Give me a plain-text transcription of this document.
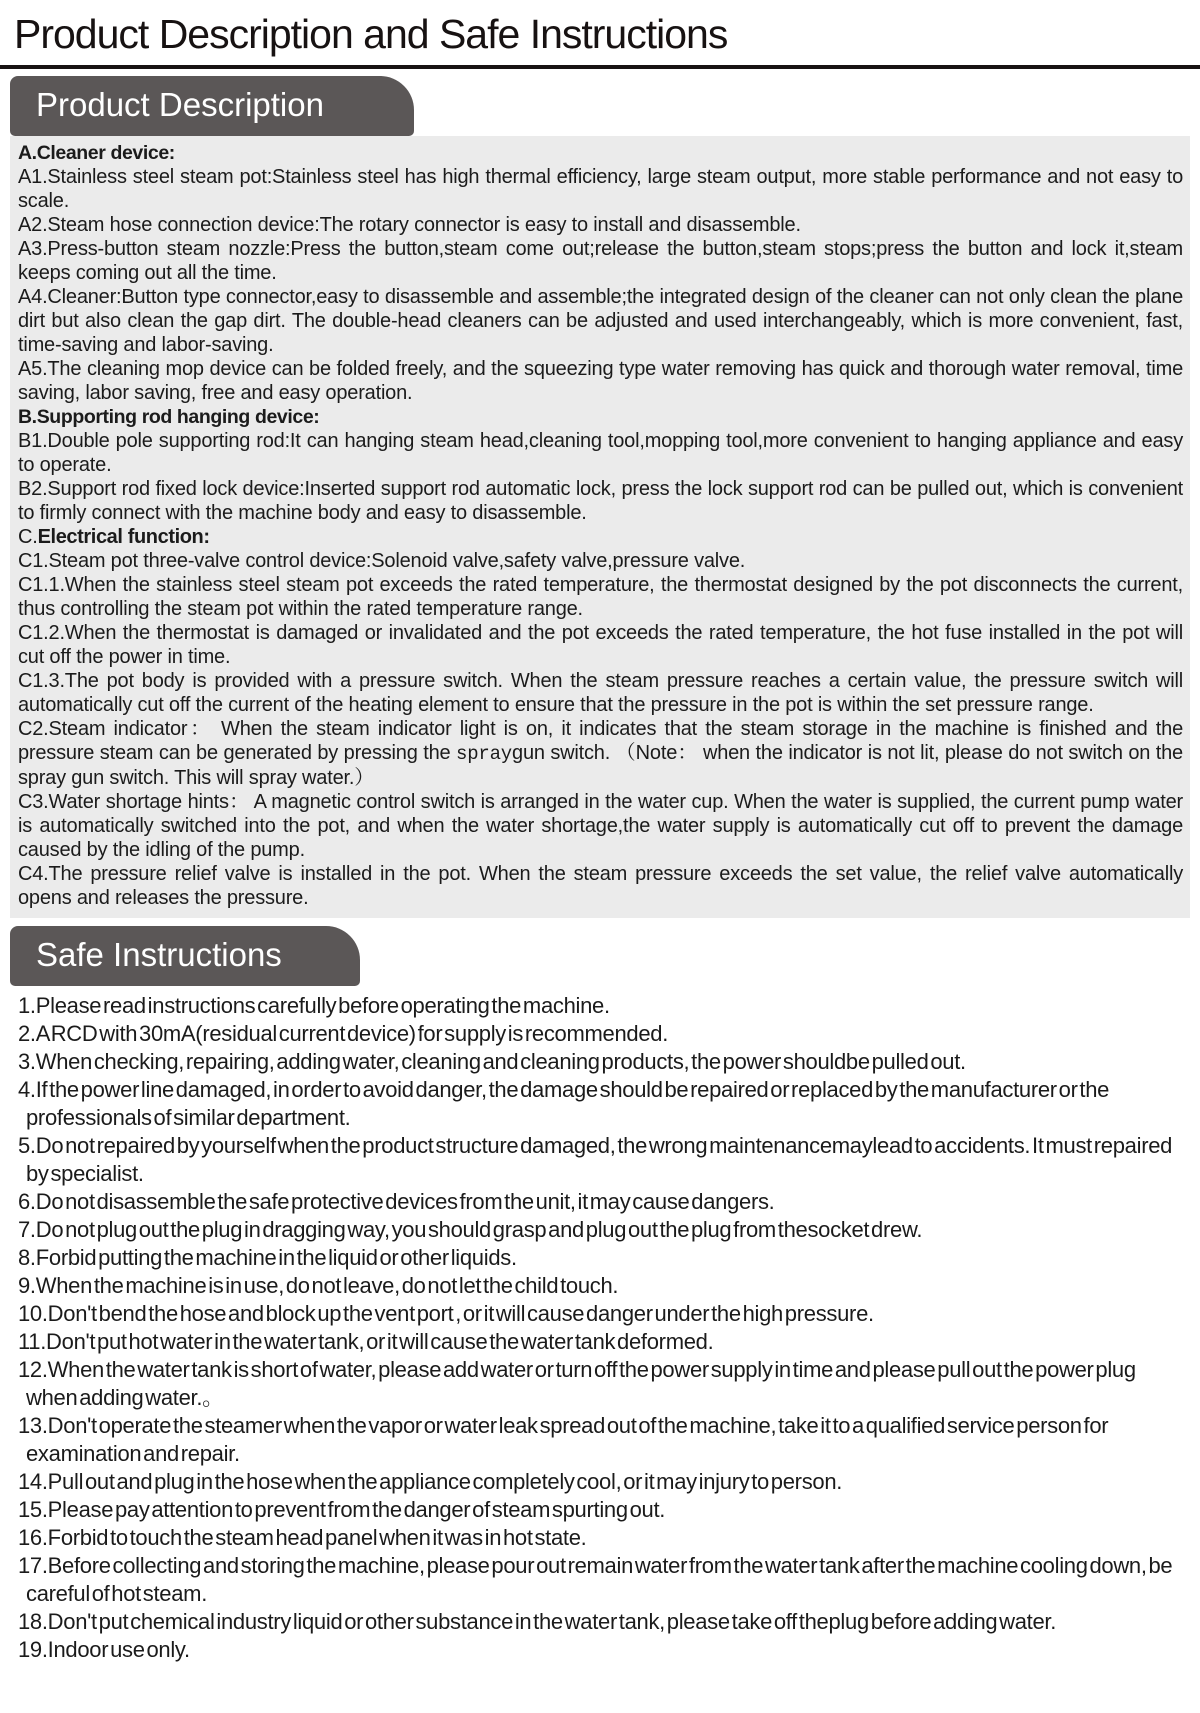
Product Description and Safe Instructions
Product Description

A.Cleaner device:

A1.Stainless steel steam pot:Stainless steel has high thermal efficiency, large steam output, more stable performance and not easy to scale.

A2.Steam hose connection device:The rotary connector is easy to install and disassemble.

A3.Press-button steam nozzle:Press the button,steam come out;release the button,steam stops;press the button and lock it,steam keeps coming out all the time.

A4.Cleaner:Button type connector,easy to disassemble and assemble;the integrated design of the cleaner can not only clean the plane dirt but also clean the gap dirt. The double-head cleaners can be adjusted and used interchangeably, which is more convenient, fast, time-saving and labor-saving.

A5.The cleaning mop device can be folded freely, and the squeezing type water removing has quick and thorough water removal, time saving, labor saving, free and easy operation.

B.Supporting rod hanging device:

B1.Double pole supporting rod:It can hanging steam head,cleaning tool,mopping tool,more convenient to hanging appliance and easy to operate.

B2.Support rod fixed lock device:Inserted support rod automatic lock, press the lock support rod can be pulled out, which is convenient to firmly connect with the machine body and easy to disassemble.

C.Electrical function:

C1.Steam pot three-valve control device:Solenoid valve,safety valve,pressure valve.

C1.1.When the stainless steel steam pot exceeds the rated temperature, the thermostat designed by the pot disconnects the current, thus controlling the steam pot within the rated temperature range.

C1.2.When the thermostat is damaged or invalidated and the pot exceeds the rated temperature, the hot fuse installed in the pot will cut off the power in time.

C1.3.The pot body is provided with a pressure switch. When the steam pressure reaches a certain value, the pressure switch will automatically cut off the current of the heating element to ensure that the pressure in the pot is within the set pressure range.

C2.Steam indicator： When the steam indicator light is on, it indicates that the steam storage in the machine is finished and the pressure steam can be generated by pressing the spraygun switch. （Note： when the indicator is not lit, please do not switch on the spray gun switch. This will spray water.）

C3.Water shortage hints： A magnetic control switch is arranged in the water cup. When the water is supplied, the current pump water is automatically switched into the pot, and when the water shortage,the water supply is automatically cut off to prevent the damage caused by the idling of the pump.

C4.The pressure relief valve is installed in the pot. When the steam pressure exceeds the set value, the relief valve automatically opens and releases the pressure.

Safe Instructions
1.Please read instructions carefully before operating the machine.
2.A RCD with 30mA(residual current device) for supply is recommended.
3.When checking, repairing, adding water, cleaning and cleaning products, the power shouldbe pulled out.
4.If the power line damaged, in order to avoid danger, the damage should be repaired or replaced by the manufacturer or the professionals of similar department.
5.Do not repaired by yourself when the product structure damaged, the wrong maintenancemaylead to accidents. It must repaired by specialist.
6.Do not disassemble the safe protective devices from the unit, it may cause dangers.
7.Do not plug out the plug in dragging way, you should grasp and plug out the plug from thesocket drew.
8.Forbid putting the machine in the liquid or other liquids.
9.When the machine is in use, do not leave, do not let the child touch.
10.Don't bend the hose and block up the vent port , or it will cause danger under the high pressure.
11.Don't put hot water in the water tank, or it will cause the water tank deformed.
12.When the water tank is short of water, please add water or turn off the power supply in time and please pull out the power plug when adding water.。
13.Don't operate the steamer when the vapor or water leak spread out of the machine, take it to a qualified service person for examination and repair.
14.Pull out and plug in the hose when the appliance completely cool, or it may injury to person.
15.Please pay attention to prevent from the danger of steam spurting out.
16.Forbid to touch the steam head panel when it was in hot state.
17.Before collecting and storing the machine, please pour out remain water from the water tank after the machine cooling down, be careful of hot steam.
18.Don't put chemical industry liquid or other substance in the water tank, please take off theplug before adding water.
19.Indoor use only.
